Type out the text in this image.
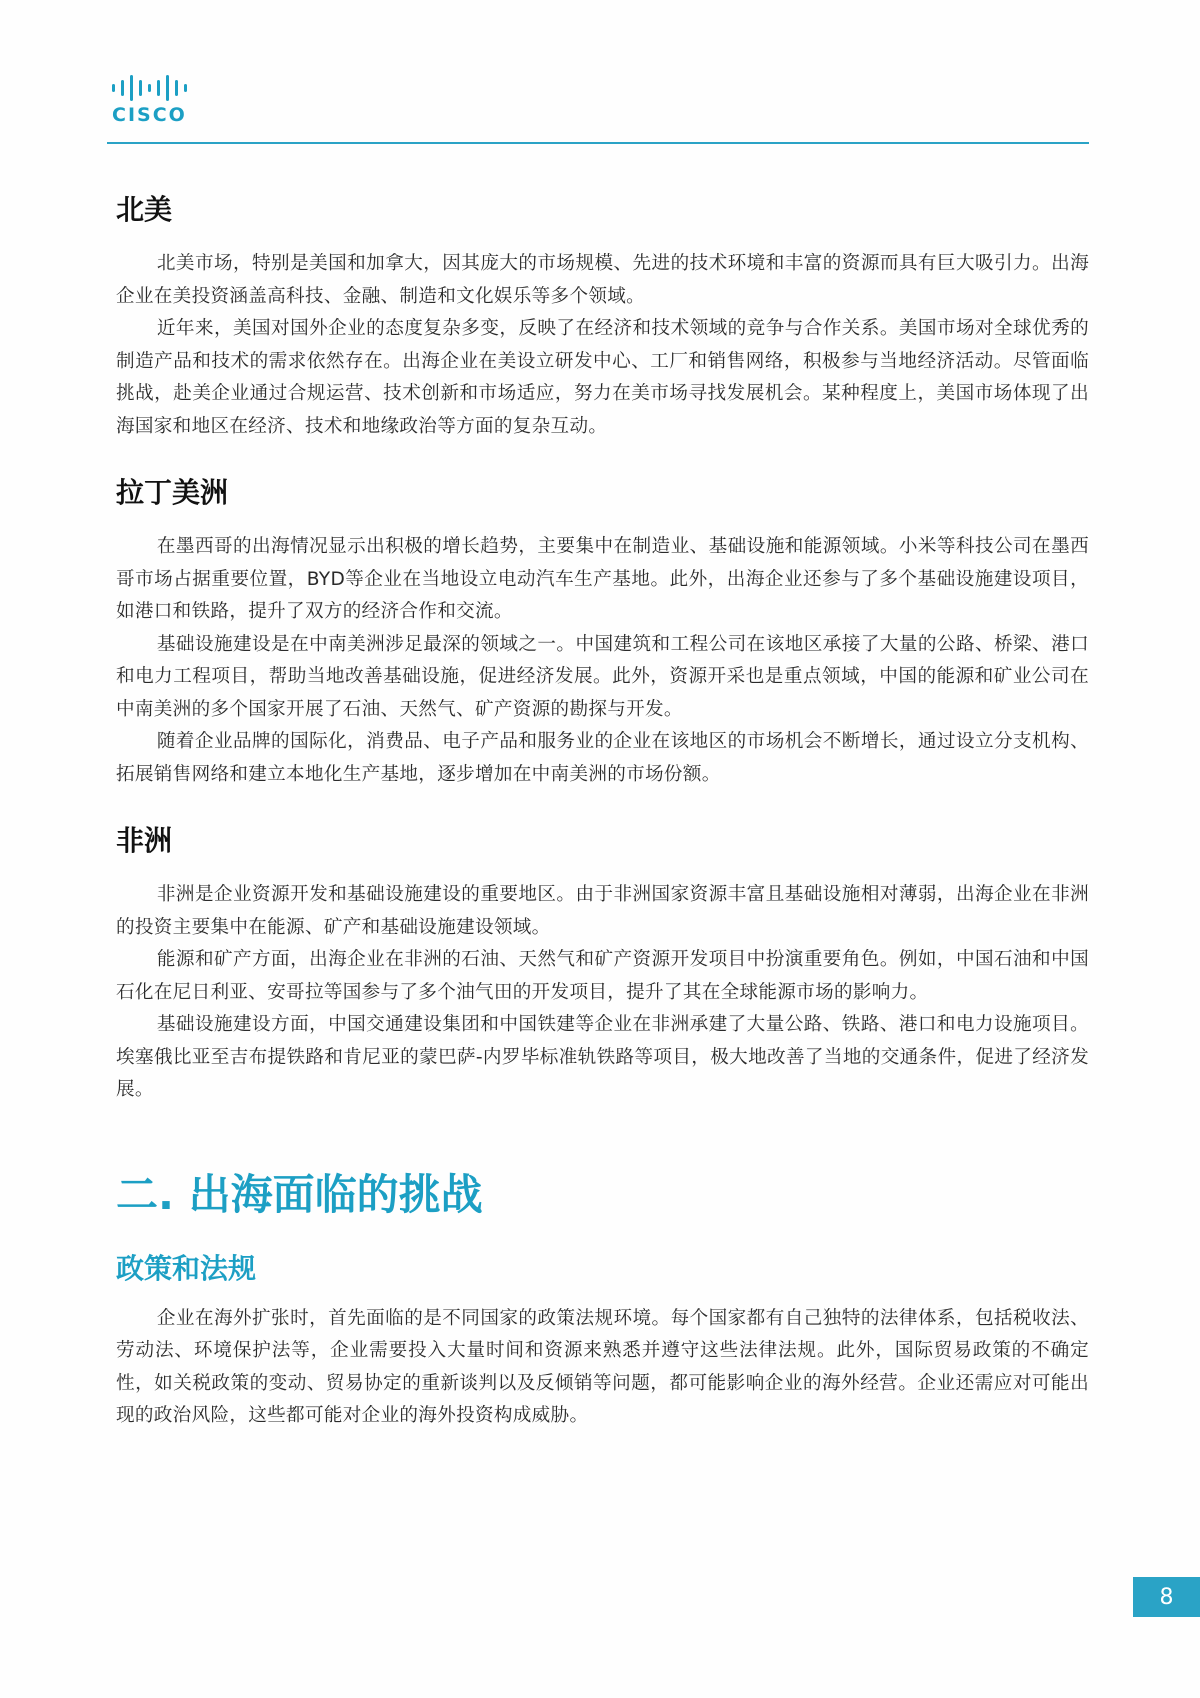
CISCO
北美

北美市场，特别是美国和加拿大，因其庞大的市场规模、先进的技术环境和丰富的资源而具有巨大吸引力。出海企业在美投资涵盖高科技、金融、制造和文化娱乐等多个领域。

近年来，美国对国外企业的态度复杂多变，反映了在经济和技术领域的竞争与合作关系。美国市场对全球优秀的制造产品和技术的需求依然存在。出海企业在美设立研发中心、工厂和销售网络，积极参与当地经济活动。尽管面临挑战，赴美企业通过合规运营、技术创新和市场适应，努力在美市场寻找发展机会。某种程度上，美国市场体现了出海国家和地区在经济、技术和地缘政治等方面的复杂互动。

拉丁美洲

在墨西哥的出海情况显示出积极的增长趋势，主要集中在制造业、基础设施和能源领域。小米等科技公司在墨西哥市场占据重要位置，BYD等企业在当地设立电动汽车生产基地。此外，出海企业还参与了多个基础设施建设项目，如港口和铁路，提升了双方的经济合作和交流。

基础设施建设是在中南美洲涉足最深的领域之一。中国建筑和工程公司在该地区承接了大量的公路、桥梁、港口和电力工程项目，帮助当地改善基础设施，促进经济发展。此外，资源开采也是重点领域，中国的能源和矿业公司在中南美洲的多个国家开展了石油、天然气、矿产资源的勘探与开发。

随着企业品牌的国际化，消费品、电子产品和服务业的企业在该地区的市场机会不断增长，通过设立分支机构、拓展销售网络和建立本地化生产基地，逐步增加在中南美洲的市场份额。

非洲

非洲是企业资源开发和基础设施建设的重要地区。由于非洲国家资源丰富且基础设施相对薄弱，出海企业在非洲的投资主要集中在能源、矿产和基础设施建设领域。

能源和矿产方面，出海企业在非洲的石油、天然气和矿产资源开发项目中扮演重要角色。例如，中国石油和中国石化在尼日利亚、安哥拉等国参与了多个油气田的开发项目，提升了其在全球能源市场的影响力。

基础设施建设方面，中国交通建设集团和中国铁建等企业在非洲承建了大量公路、铁路、港口和电力设施项目。埃塞俄比亚至吉布提铁路和肯尼亚的蒙巴萨-内罗毕标准轨铁路等项目，极大地改善了当地的交通条件，促进了经济发展。

二. 出海面临的挑战
政策和法规

企业在海外扩张时，首先面临的是不同国家的政策法规环境。每个国家都有自己独特的法律体系，包括税收法、劳动法、环境保护法等，企业需要投入大量时间和资源来熟悉并遵守这些法律法规。此外，国际贸易政策的不确定性，如关税政策的变动、贸易协定的重新谈判以及反倾销等问题，都可能影响企业的海外经营。企业还需应对可能出现的政治风险，这些都可能对企业的海外投资构成威胁。

8
